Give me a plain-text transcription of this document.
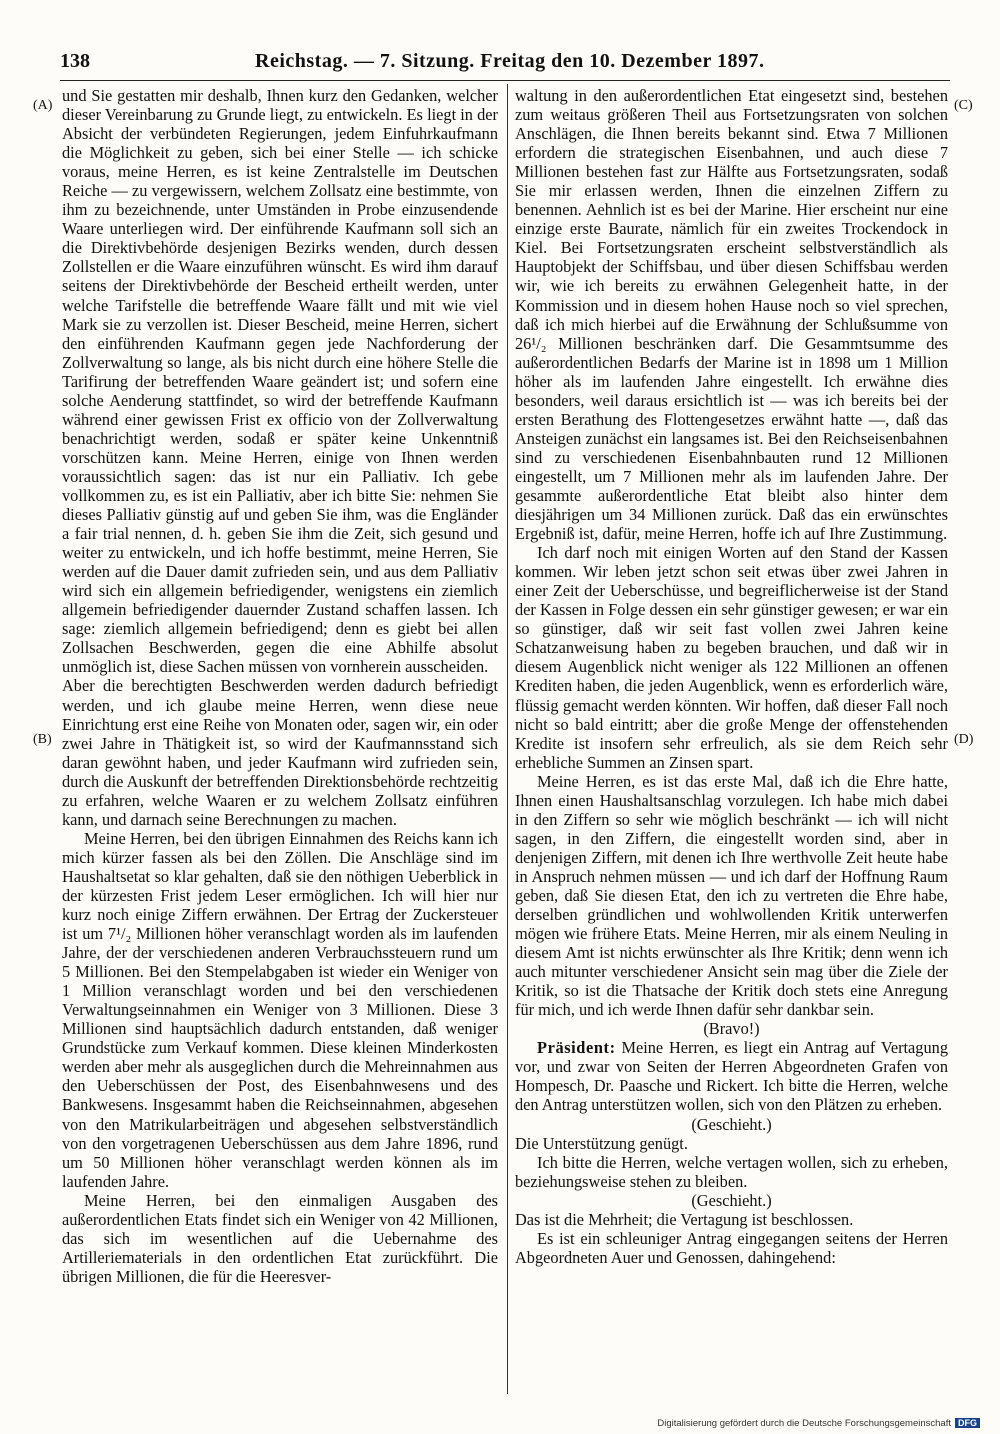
138	Reichstag. — 7. Sitzung. Freitag den 10. Dezember 1897.
(A)
(B)
(C)
(D)

und Sie gestatten mir deshalb, Ihnen kurz den Gedanken, welcher dieser Vereinbarung zu Grunde liegt, zu entwickeln. Es liegt in der Absicht der verbündeten Regierungen, jedem Einfuhrkaufmann die Möglichkeit zu geben, sich bei einer Stelle — ich schicke voraus, meine Herren, es ist keine Zentralstelle im Deutschen Reiche — zu vergewissern, welchem Zollsatz eine bestimmte, von ihm zu bezeichnende, unter Umständen in Probe einzusendende Waare unterliegen wird. Der einführende Kaufmann soll sich an die Direktivbehörde desjenigen Bezirks wenden, durch dessen Zollstellen er die Waare einzuführen wünscht. Es wird ihm darauf seitens der Direktivbehörde der Bescheid ertheilt werden, unter welche Tarifstelle die betreffende Waare fällt und mit wie viel Mark sie zu verzollen ist. Dieser Bescheid, meine Herren, sichert den einführenden Kaufmann gegen jede Nachforderung der Zollverwaltung so lange, als bis nicht durch eine höhere Stelle die Tarifirung der betreffenden Waare geändert ist; und sofern eine solche Aenderung stattfindet, so wird der betreffende Kaufmann während einer gewissen Frist ex officio von der Zollverwaltung benachrichtigt werden, sodaß er später keine Unkenntniß vorschützen kann. Meine Herren, einige von Ihnen werden voraussichtlich sagen: das ist nur ein Palliativ. Ich gebe vollkommen zu, es ist ein Palliativ, aber ich bitte Sie: nehmen Sie dieses Palliativ günstig auf und geben Sie ihm, was die Engländer a fair trial nennen, d. h. geben Sie ihm die Zeit, sich gesund und weiter zu entwickeln, und ich hoffe bestimmt, meine Herren, Sie werden auf die Dauer damit zufrieden sein, und aus dem Palliativ wird sich ein allgemein befriedigender, wenigstens ein ziemlich allgemein befriedigender dauernder Zustand schaffen lassen. Ich sage: ziemlich allgemein befriedigend; denn es giebt bei allen Zollsachen Beschwerden, gegen die eine Abhilfe absolut unmöglich ist, diese Sachen müssen von vornherein ausscheiden.

Aber die berechtigten Beschwerden werden dadurch befriedigt werden, und ich glaube meine Herren, wenn diese neue Einrichtung erst eine Reihe von Monaten oder, sagen wir, ein oder zwei Jahre in Thätigkeit ist, so wird der Kaufmannsstand sich daran gewöhnt haben, und jeder Kaufmann wird zufrieden sein, durch die Auskunft der betreffenden Direktionsbehörde rechtzeitig zu erfahren, welche Waaren er zu welchem Zollsatz einführen kann, und darnach seine Berechnungen zu machen.

Meine Herren, bei den übrigen Einnahmen des Reichs kann ich mich kürzer fassen als bei den Zöllen. Die Anschläge sind im Haushaltsetat so klar gehalten, daß sie den nöthigen Ueberblick in der kürzesten Frist jedem Leser ermöglichen. Ich will hier nur kurz noch einige Ziffern erwähnen. Der Ertrag der Zuckersteuer ist um 7¹/₂ Millionen höher veranschlagt worden als im laufenden Jahre, der der verschiedenen anderen Verbrauchssteuern rund um 5 Millionen. Bei den Stempelabgaben ist wieder ein Weniger von 1 Million veranschlagt worden und bei den verschiedenen Verwaltungseinnahmen ein Weniger von 3 Millionen. Diese 3 Millionen sind hauptsächlich dadurch entstanden, daß weniger Grundstücke zum Verkauf kommen. Diese kleinen Minderkosten werden aber mehr als ausgeglichen durch die Mehreinnahmen aus den Ueberschüssen der Post, des Eisenbahnwesens und des Bankwesens. Insgesammt haben die Reichseinnahmen, abgesehen von den Matrikularbeiträgen und abgesehen selbstverständlich von den vorgetragenen Ueberschüssen aus dem Jahre 1896, rund um 50 Millionen höher veranschlagt werden können als im laufenden Jahre.

Meine Herren, bei den einmaligen Ausgaben des außerordentlichen Etats findet sich ein Weniger von 42 Millionen, das sich im wesentlichen auf die Uebernahme des Artilleriematerials in den ordentlichen Etat zurückführt. Die übrigen Millionen, die für die Heeresver-

waltung in den außerordentlichen Etat eingesetzt sind, bestehen zum weitaus größeren Theil aus Fortsetzungsraten von solchen Anschlägen, die Ihnen bereits bekannt sind. Etwa 7 Millionen erfordern die strategischen Eisenbahnen, und auch diese 7 Millionen bestehen fast zur Hälfte aus Fortsetzungsraten, sodaß Sie mir erlassen werden, Ihnen die einzelnen Ziffern zu benennen. Aehnlich ist es bei der Marine. Hier erscheint nur eine einzige erste Baurate, nämlich für ein zweites Trockendock in Kiel. Bei Fortsetzungsraten erscheint selbstverständlich als Hauptobjekt der Schiffsbau, und über diesen Schiffsbau werden wir, wie ich bereits zu erwähnen Gelegenheit hatte, in der Kommission und in diesem hohen Hause noch so viel sprechen, daß ich mich hierbei auf die Erwähnung der Schlußsumme von 26¹/₂ Millionen beschränken darf. Die Gesammtsumme des außerordentlichen Bedarfs der Marine ist in 1898 um 1 Million höher als im laufenden Jahre eingestellt. Ich erwähne dies besonders, weil daraus ersichtlich ist — was ich bereits bei der ersten Berathung des Flottengesetzes erwähnt hatte —, daß das Ansteigen zunächst ein langsames ist. Bei den Reichseisenbahnen sind zu verschiedenen Eisenbahnbauten rund 12 Millionen eingestellt, um 7 Millionen mehr als im laufenden Jahre. Der gesammte außerordentliche Etat bleibt also hinter dem diesjährigen um 34 Millionen zurück. Daß das ein erwünschtes Ergebniß ist, dafür, meine Herren, hoffe ich auf Ihre Zustimmung.

Ich darf noch mit einigen Worten auf den Stand der Kassen kommen. Wir leben jetzt schon seit etwas über zwei Jahren in einer Zeit der Ueberschüsse, und begreiflicherweise ist der Stand der Kassen in Folge dessen ein sehr günstiger gewesen; er war ein so günstiger, daß wir seit fast vollen zwei Jahren keine Schatzanweisung haben zu begeben brauchen, und daß wir in diesem Augenblick nicht weniger als 122 Millionen an offenen Krediten haben, die jeden Augenblick, wenn es erforderlich wäre, flüssig gemacht werden könnten. Wir hoffen, daß dieser Fall noch nicht so bald eintritt; aber die große Menge der offenstehenden Kredite ist insofern sehr erfreulich, als sie dem Reich sehr erhebliche Summen an Zinsen spart.

Meine Herren, es ist das erste Mal, daß ich die Ehre hatte, Ihnen einen Haushaltsanschlag vorzulegen. Ich habe mich dabei in den Ziffern so sehr wie möglich beschränkt — ich will nicht sagen, in den Ziffern, die eingestellt worden sind, aber in denjenigen Ziffern, mit denen ich Ihre werthvolle Zeit heute habe in Anspruch nehmen müssen — und ich darf der Hoffnung Raum geben, daß Sie diesen Etat, den ich zu vertreten die Ehre habe, derselben gründlichen und wohlwollenden Kritik unterwerfen mögen wie frühere Etats. Meine Herren, mir als einem Neuling in diesem Amt ist nichts erwünschter als Ihre Kritik; denn wenn ich auch mitunter verschiedener Ansicht sein mag über die Ziele der Kritik, so ist die Thatsache der Kritik doch stets eine Anregung für mich, und ich werde Ihnen dafür sehr dankbar sein.

(Bravo!)

Präsident: Meine Herren, es liegt ein Antrag auf Vertagung vor, und zwar von Seiten der Herren Abgeordneten Grafen von Hompesch, Dr. Paasche und Rickert. Ich bitte die Herren, welche den Antrag unterstützen wollen, sich von den Plätzen zu erheben.

(Geschieht.)

Die Unterstützung genügt.

Ich bitte die Herren, welche vertagen wollen, sich zu erheben, beziehungsweise stehen zu bleiben.

(Geschieht.)

Das ist die Mehrheit; die Vertagung ist beschlossen.

Es ist ein schleuniger Antrag eingegangen seitens der Herren Abgeordneten Auer und Genossen, dahingehend:

Digitalisierung gefördert durch die Deutsche Forschungsgemeinschaft DFG
